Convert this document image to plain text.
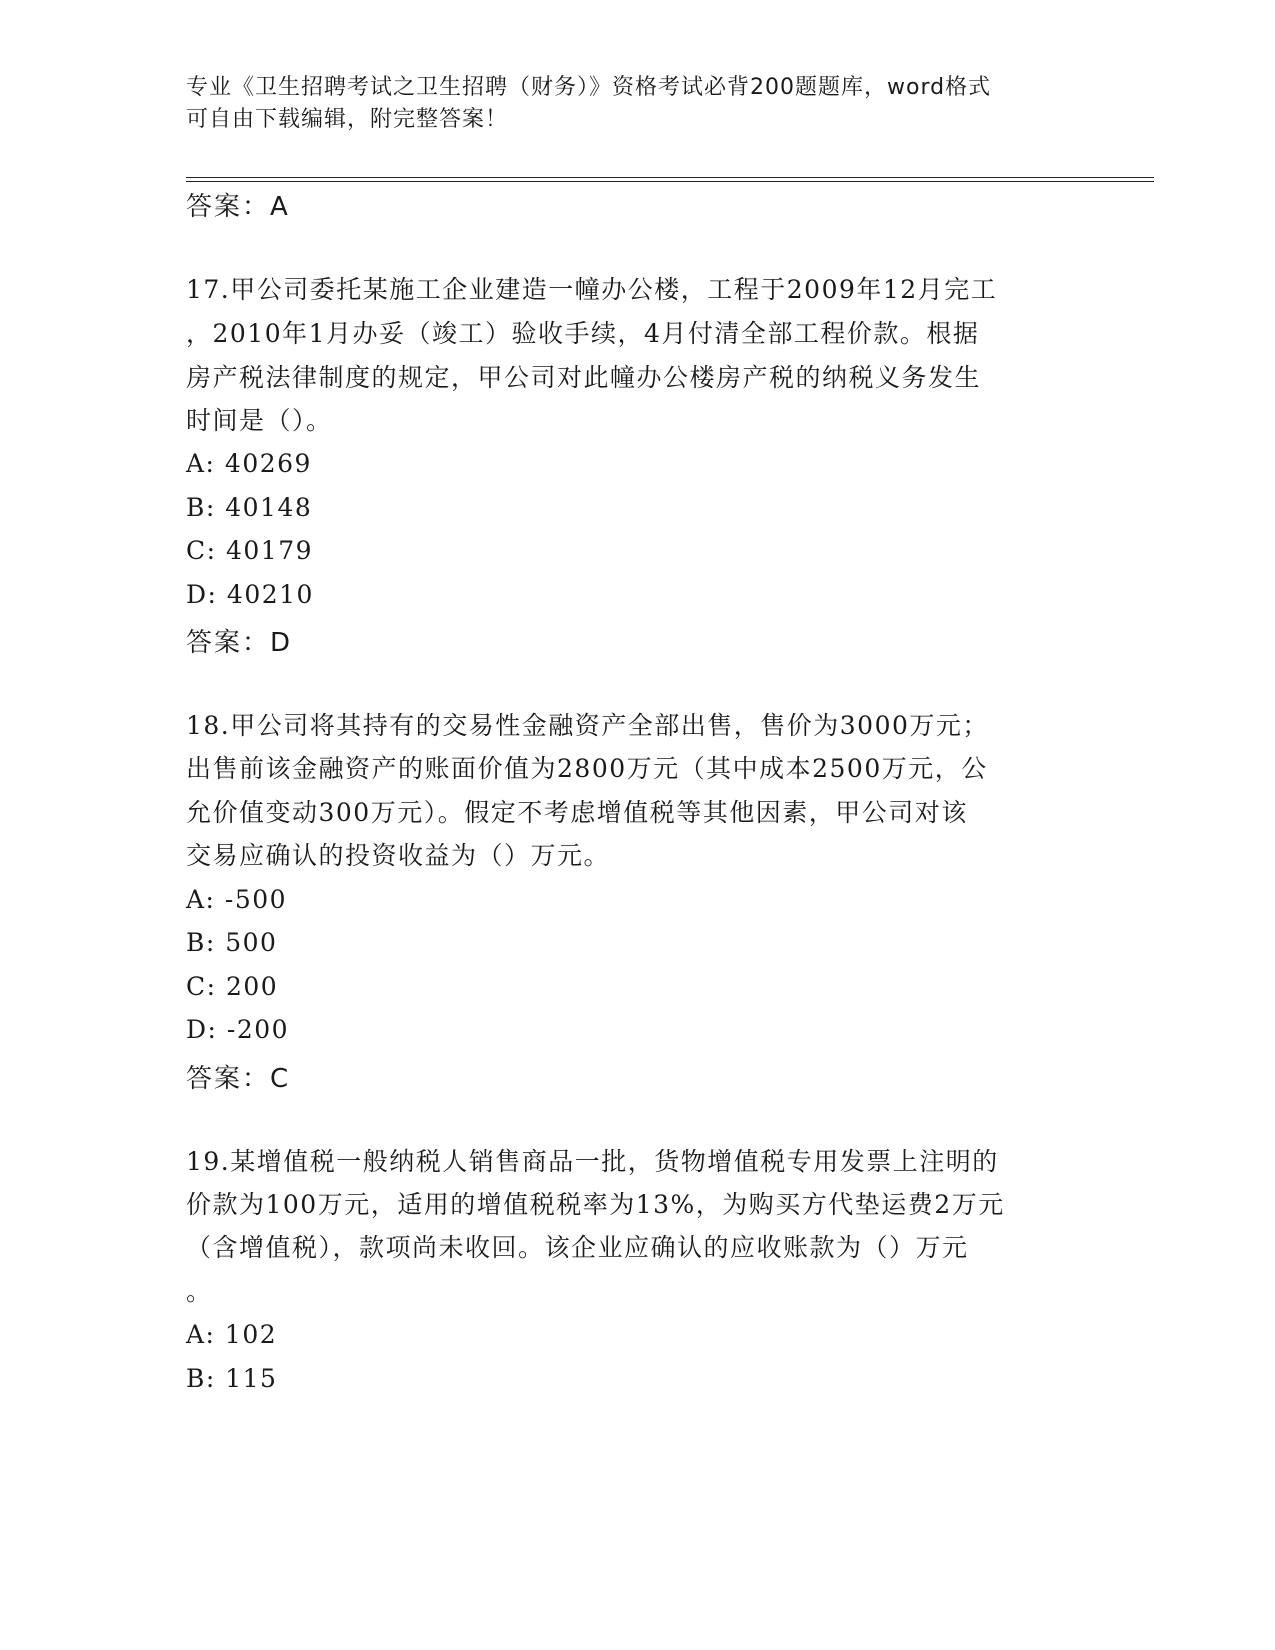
专业《卫生招聘考试之卫生招聘（财务）》资格考试必背200题题库，word格式
可自由下载编辑，附完整答案！
答案：A
17.甲公司委托某施工企业建造一幢办公楼，工程于2009年12月完工
，2010年1月办妥（竣工）验收手续，4月付清全部工程价款。根据
房产税法律制度的规定，甲公司对此幢办公楼房产税的纳税义务发生
时间是（）。
A: 40269
B: 40148
C: 40179
D: 40210
答案：D
18.甲公司将其持有的交易性金融资产全部出售，售价为3000万元；
出售前该金融资产的账面价值为2800万元（其中成本2500万元，公
允价值变动300万元）。假定不考虑增值税等其他因素，甲公司对该
交易应确认的投资收益为（）万元。
A: -500
B: 500
C: 200
D: -200
答案：C
19.某增值税一般纳税人销售商品一批，货物增值税专用发票上注明的
价款为100万元，适用的增值税税率为13%，为购买方代垫运费2万元
（含增值税），款项尚未收回。该企业应确认的应收账款为（）万元
。
A: 102
B: 115
